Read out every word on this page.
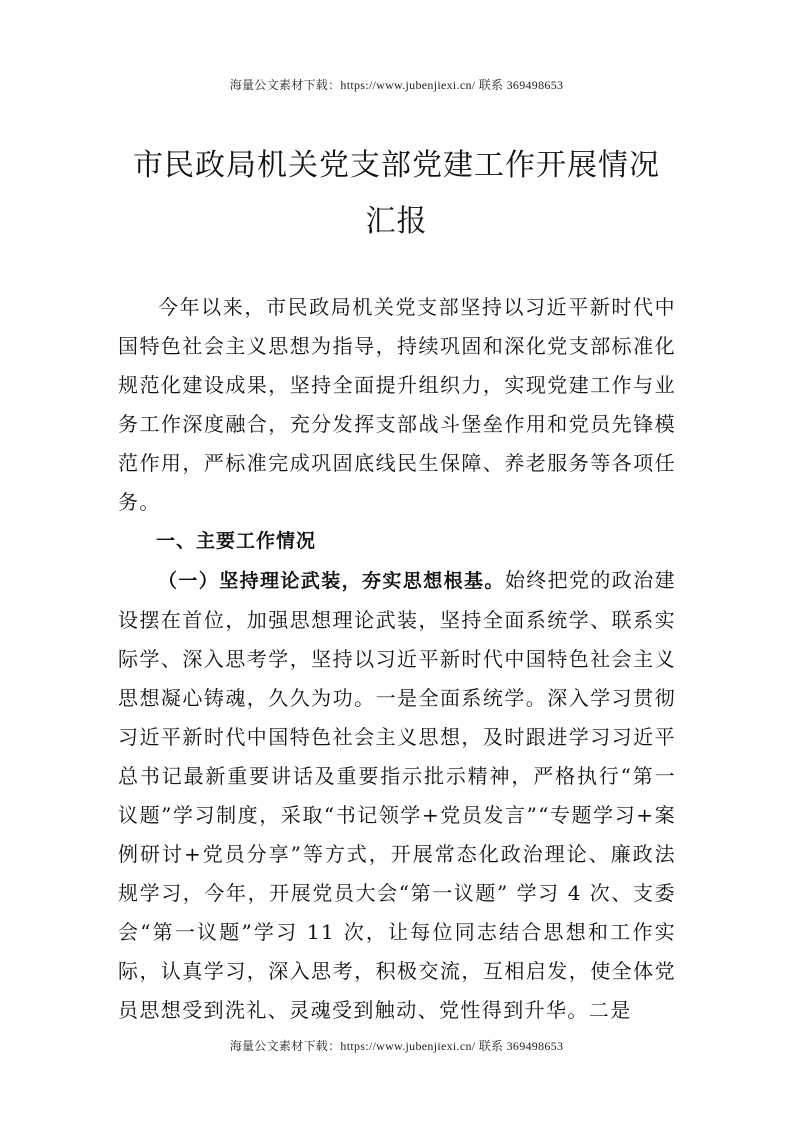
海量公文素材下载：https://www.jubenjiexi.cn/ 联系 369498653
市民政局机关党支部党建工作开展情况汇报

今年以来，市民政局机关党支部坚持以习近平新时代中国特色社会主义思想为指导，持续巩固和深化党支部标准化规范化建设成果，坚持全面提升组织力，实现党建工作与业务工作深度融合，充分发挥支部战斗堡垒作用和党员先锋模范作用，严标准完成巩固底线民生保障、养老服务等各项任务。

一、主要工作情况

（一）坚持理论武装，夯实思想根基。始终把党的政治建设摆在首位，加强思想理论武装，坚持全面系统学、联系实际学、深入思考学，坚持以习近平新时代中国特色社会主义思想凝心铸魂，久久为功。一是全面系统学。深入学习贯彻习近平新时代中国特色社会主义思想，及时跟进学习习近平总书记最新重要讲话及重要指示批示精神，严格执行“第一议题”学习制度，采取“书记领学+党员发言”“专题学习+案例研讨+党员分享”等方式，开展常态化政治理论、廉政法规学习，今年，开展党员大会“第一议题” 学习 4 次、支委会“第一议题”学习 11 次，让每位同志结合思想和工作实际，认真学习，深入思考，积极交流，互相启发，使全体党员思想受到洗礼、灵魂受到触动、党性得到升华。二是

海量公文素材下载：https://www.jubenjiexi.cn/ 联系 369498653
